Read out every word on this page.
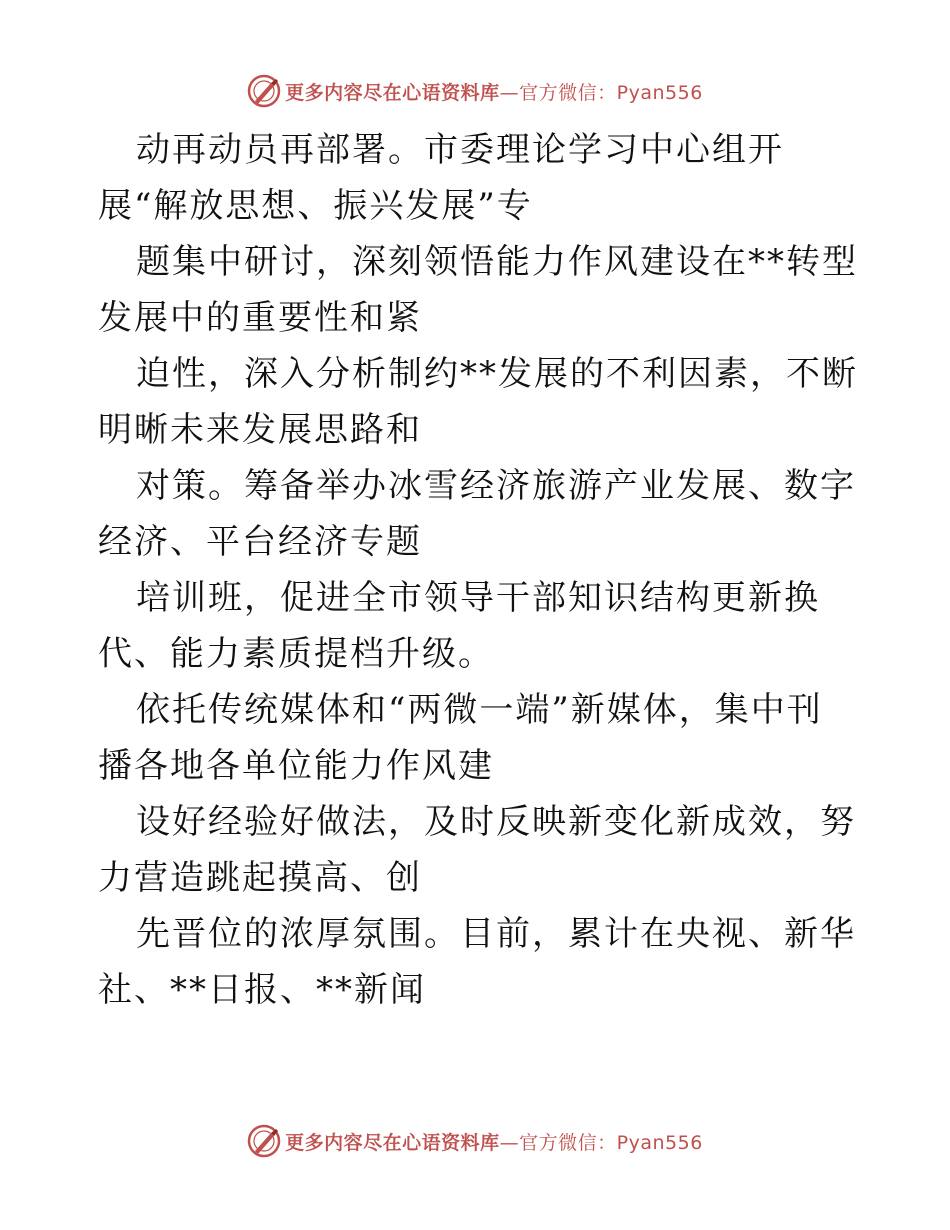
更多内容尽在心语资料库—官方微信：Pyan556

动再动员再部署。市委理论学习中心组开展“解放思想、振兴发展”专

题集中研讨，深刻领悟能力作风建设在**转型发展中的重要性和紧

迫性，深入分析制约**发展的不利因素，不断明晰未来发展思路和

对策。筹备举办冰雪经济旅游产业发展、数字经济、平台经济专题

培训班，促进全市领导干部知识结构更新换代、能力素质提档升级。

依托传统媒体和“两微一端”新媒体，集中刊播各地各单位能力作风建

设好经验好做法，及时反映新变化新成效，努力营造跳起摸高、创

先晋位的浓厚氛围。目前，累计在央视、新华社、**日报、**新闻

更多内容尽在心语资料库—官方微信：Pyan556
